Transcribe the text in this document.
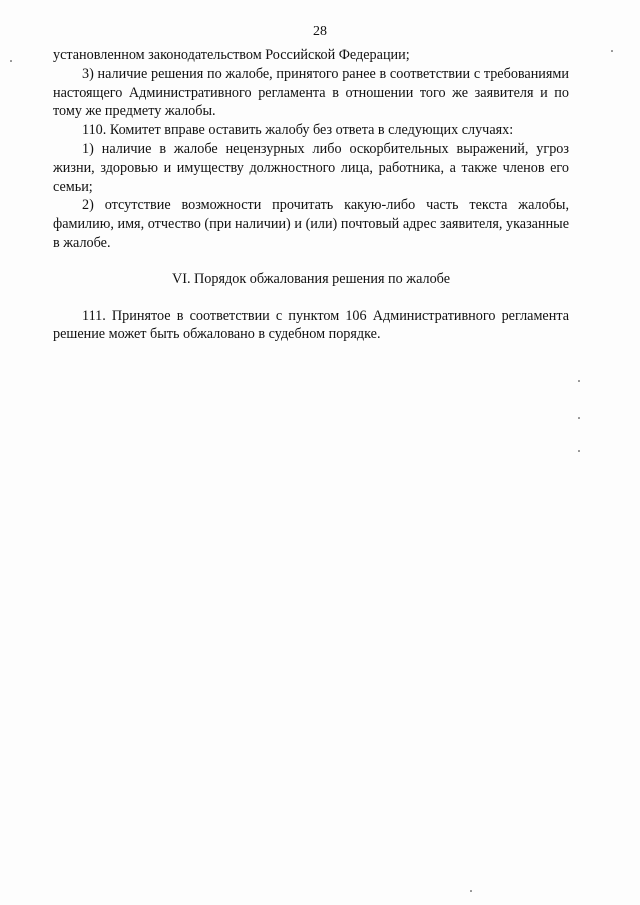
28

установленном законодательством Российской Федерации;

3) наличие решения по жалобе, принятого ранее в соответствии с требованиями настоящего Административного регламента в отношении того же заявителя и по тому же предмету жалобы.

110. Комитет вправе оставить жалобу без ответа в следующих случаях:

1) наличие в жалобе нецензурных либо оскорбительных выражений, угроз жизни, здоровью и имуществу должностного лица, работника, а также членов его семьи;

2) отсутствие возможности прочитать какую-либо часть текста жалобы, фамилию, имя, отчество (при наличии) и (или) почтовый адрес заявителя, указанные в жалобе.

VI. Порядок обжалования решения по жалобе

111. Принятое в соответствии с пунктом 106 Административного регламента решение может быть обжаловано в судебном порядке.
